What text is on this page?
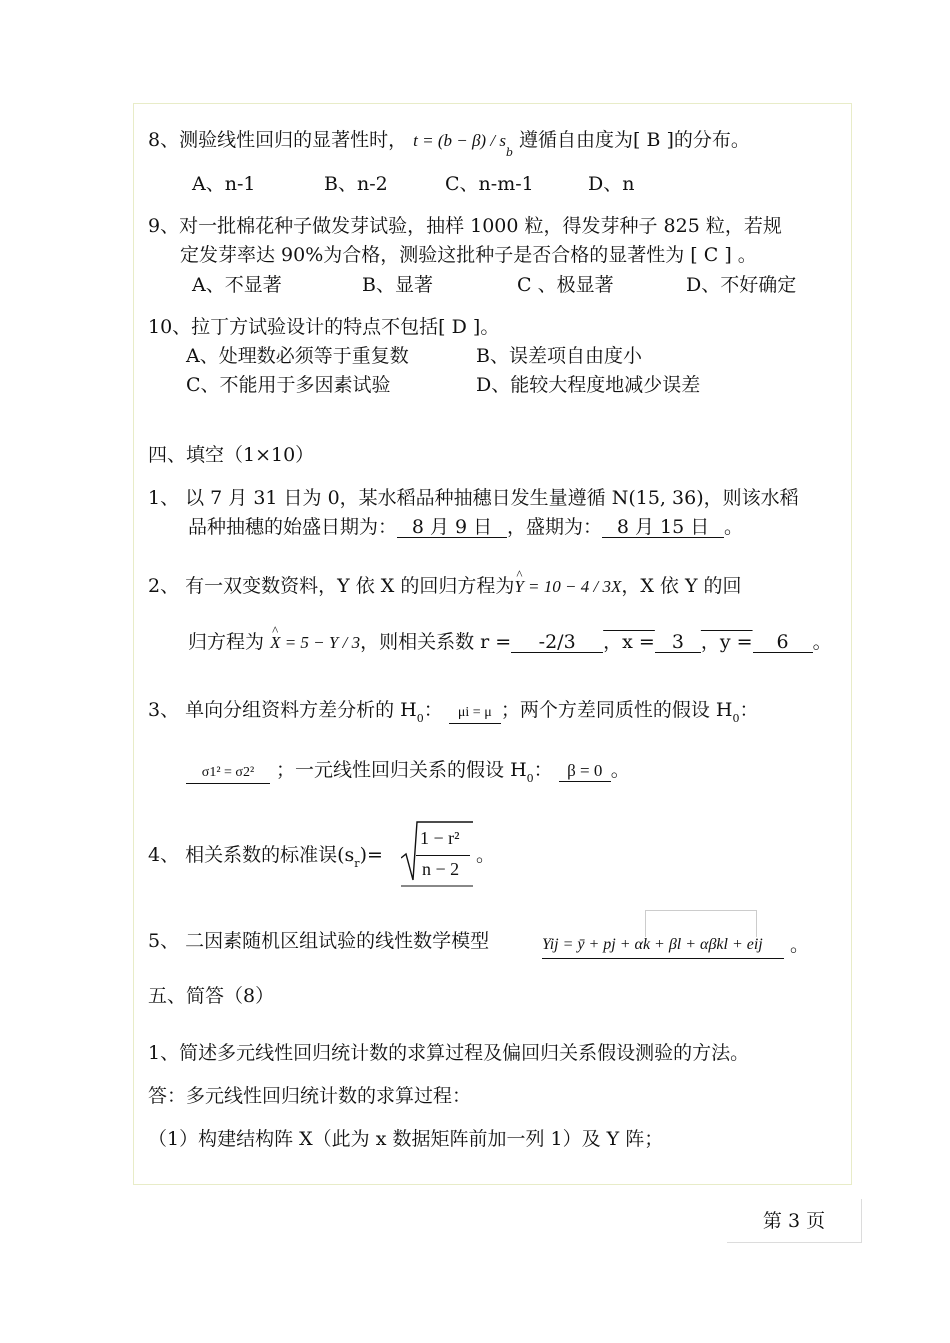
8、测验线性回归的显著性时， $t = (b - \beta) / s_b$ 遵循自由度为[ B ]的分布。
A、n-1	B、n-2	C、n-m-1	D、n
9、对一批棉花种子做发芽试验，抽样 1000 粒，得发芽种子 825 粒，若规
定发芽率达 90%为合格，测验这批种子是否合格的显著性为 [ C ] 。
A、不显著	B、显著	C 、极显著	D、不好确定
10、拉丁方试验设计的特点不包括[ D ]。
A、处理数必须等于重复数	B、误差项自由度小
C、不能用于多因素试验	D、能较大程度地减少误差
四、填空（1×10）
1、 以 7 月 31 日为 0，某水稻品种抽穗日发生量遵循 N(15, 36)，则该水稻
品种抽穗的始盛日期为： 8 月 9 日 ，盛期为： 8 月 15 日 。
2、 有一双变数资料，Y 依 X 的回归方程为^ Y = 10 − 4 / 3X，X 依 Y 的回
归方程为 ^ X = 5 − Y / 3，则相关系数 r = -2/3 ，x = 3 ，y = 6 。
3、 单向分组资料方差分析的 $H_0$： μi = μ ；两个方差同质性的假设 $H_0$：
σ1² = σ2² ；一元线性回归关系的假设 $H_0$： β = 0 。
4、 相关系数的标准误$(s_r)=$
1 − r²
n − 2
。
5、 二因素随机区组试验的线性数学模型	Yij = ȳ + pj + αk + βl + αβkl + eij	。
五、简答（8）
1、简述多元线性回归统计数的求算过程及偏回归关系假设测验的方法。
答：多元线性回归统计数的求算过程：
（1）构建结构阵 X（此为 x 数据矩阵前加一列 1）及 Y 阵；
第 3 页
